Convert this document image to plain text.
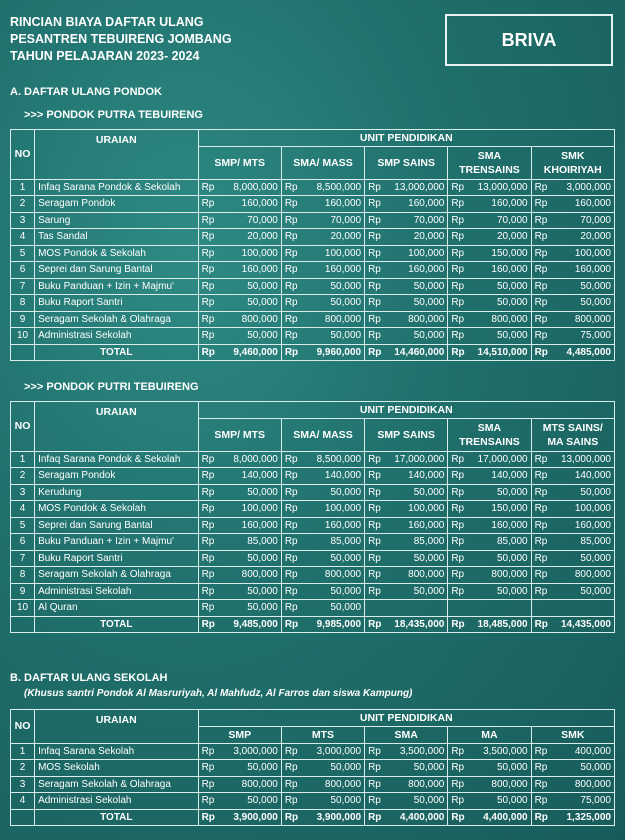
RINCIAN BIAYA DAFTAR ULANG
PESANTREN TEBUIRENG JOMBANG
TAHUN PELAJARAN 2023- 2024
BRIVA
A. DAFTAR ULANG PONDOK
>>> PONDOK PUTRA TEBUIRENG
NO	URAIAN	UNIT PENDIDIKAN									
		SMP/ MTS		SMA/ MASS		SMP SAINS		SMA TRENSAINS		SMK KHOIRIYAH	
1	Infaq Sarana Pondok & Sekolah	Rp	8,000,000	Rp	8,500,000	Rp	13,000,000	Rp	13,000,000	Rp	3,000,000
2	Seragam Pondok	Rp	160,000	Rp	160,000	Rp	160,000	Rp	160,000	Rp	160,000
3	Sarung	Rp	70,000	Rp	70,000	Rp	70,000	Rp	70,000	Rp	70,000
4	Tas Sandal	Rp	20,000	Rp	20,000	Rp	20,000	Rp	20,000	Rp	20,000
5	MOS Pondok & Sekolah	Rp	100,000	Rp	100,000	Rp	100,000	Rp	150,000	Rp	100,000
6	Seprei dan Sarung Bantal	Rp	160,000	Rp	160,000	Rp	160,000	Rp	160,000	Rp	160,000
7	Buku Panduan + Izin + Majmu'	Rp	50,000	Rp	50,000	Rp	50,000	Rp	50,000	Rp	50,000
8	Buku Raport Santri	Rp	50,000	Rp	50,000	Rp	50,000	Rp	50,000	Rp	50,000
9	Seragam Sekolah & Olahraga	Rp	800,000	Rp	800,000	Rp	800,000	Rp	800,000	Rp	800,000
10	Administrasi Sekolah	Rp	50,000	Rp	50,000	Rp	50,000	Rp	50,000	Rp	75,000
	TOTAL	Rp	9,460,000	Rp	9,960,000	Rp	14,460,000	Rp	14,510,000	Rp	4,485,000
>>> PONDOK PUTRI TEBUIRENG
NO	URAIAN	UNIT PENDIDIKAN									
		SMP/ MTS		SMA/ MASS		SMP SAINS		SMA TRENSAINS		MTS SAINS/ MA SAINS	
1	Infaq Sarana Pondok & Sekolah	Rp	8,000,000	Rp	8,500,000	Rp	17,000,000	Rp	17,000,000	Rp	13,000,000
2	Seragam Pondok	Rp	140,000	Rp	140,000	Rp	140,000	Rp	140,000	Rp	140,000
3	Kerudung	Rp	50,000	Rp	50,000	Rp	50,000	Rp	50,000	Rp	50,000
4	MOS Pondok & Sekolah	Rp	100,000	Rp	100,000	Rp	100,000	Rp	150,000	Rp	100,000
5	Seprei dan Sarung Bantal	Rp	160,000	Rp	160,000	Rp	160,000	Rp	160,000	Rp	160,000
6	Buku Panduan + Izin + Majmu'	Rp	85,000	Rp	85,000	Rp	85,000	Rp	85,000	Rp	85,000
7	Buku Raport Santri	Rp	50,000	Rp	50,000	Rp	50,000	Rp	50,000	Rp	50,000
8	Seragam Sekolah & Olahraga	Rp	800,000	Rp	800,000	Rp	800,000	Rp	800,000	Rp	800,000
9	Administrasi Sekolah	Rp	50,000	Rp	50,000	Rp	50,000	Rp	50,000	Rp	50,000
10	Al Quran	Rp	50,000	Rp	50,000						
	TOTAL	Rp	9,485,000	Rp	9,985,000	Rp	18,435,000	Rp	18,485,000	Rp	14,435,000
B. DAFTAR ULANG SEKOLAH
(Khusus santri Pondok Al Masruriyah, Al Mahfudz, Al Farros dan siswa Kampung)
NO	URAIAN	UNIT PENDIDIKAN									
		SMP		MTS		SMA		MA		SMK	
1	Infaq Sarana Sekolah	Rp	3,000,000	Rp	3,000,000	Rp	3,500,000	Rp	3,500,000	Rp	400,000
2	MOS Sekolah	Rp	50,000	Rp	50,000	Rp	50,000	Rp	50,000	Rp	50,000
3	Seragam Sekolah & Olahraga	Rp	800,000	Rp	800,000	Rp	800,000	Rp	800,000	Rp	800,000
4	Administrasi Sekolah	Rp	50,000	Rp	50,000	Rp	50,000	Rp	50,000	Rp	75,000
	TOTAL	Rp	3,900,000	Rp	3,900,000	Rp	4,400,000	Rp	4,400,000	Rp	1,325,000
